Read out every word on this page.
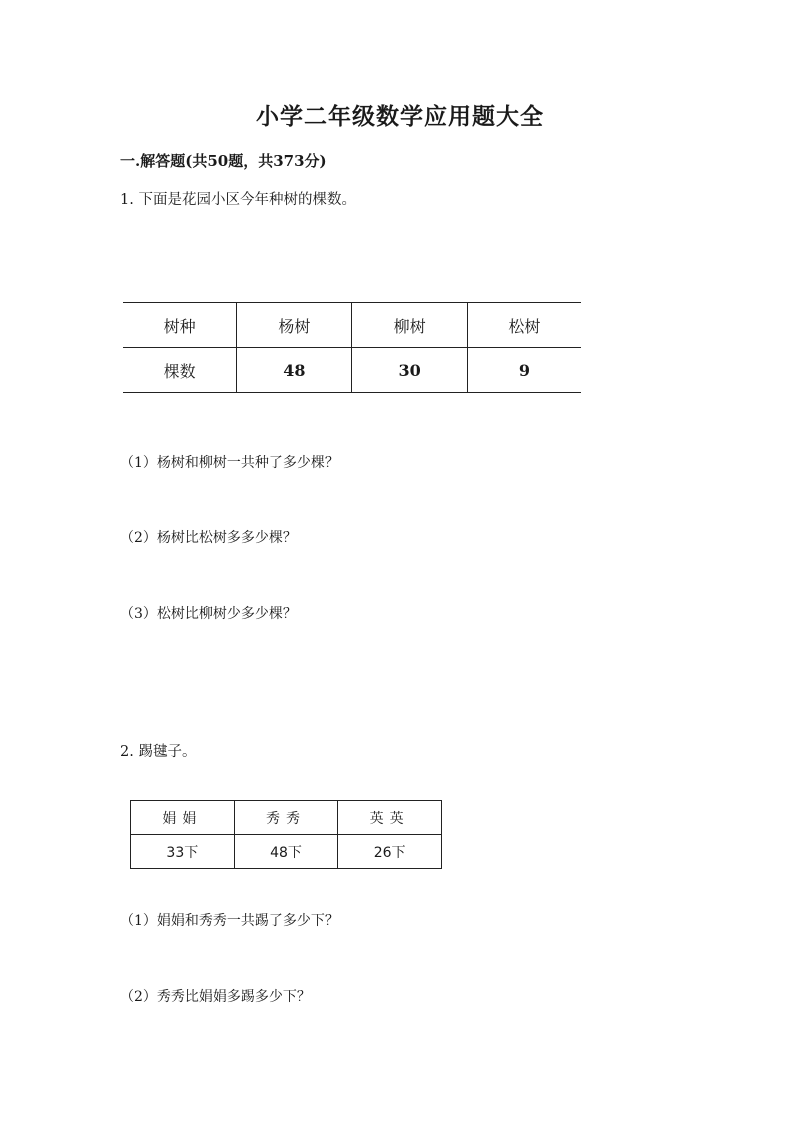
小学二年级数学应用题大全
一.解答题(共50题，共373分)
1. 下面是花园小区今年种树的棵数。
树种	杨树	柳树	松树
棵数	48	30	9
（1）杨树和柳树一共种了多少棵？
（2）杨树比松树多多少棵？
（3）松树比柳树少多少棵？
2. 踢毽子。
娟娟	秀秀	英英
33下	48下	26下
（1）娟娟和秀秀一共踢了多少下？
（2）秀秀比娟娟多踢多少下？
